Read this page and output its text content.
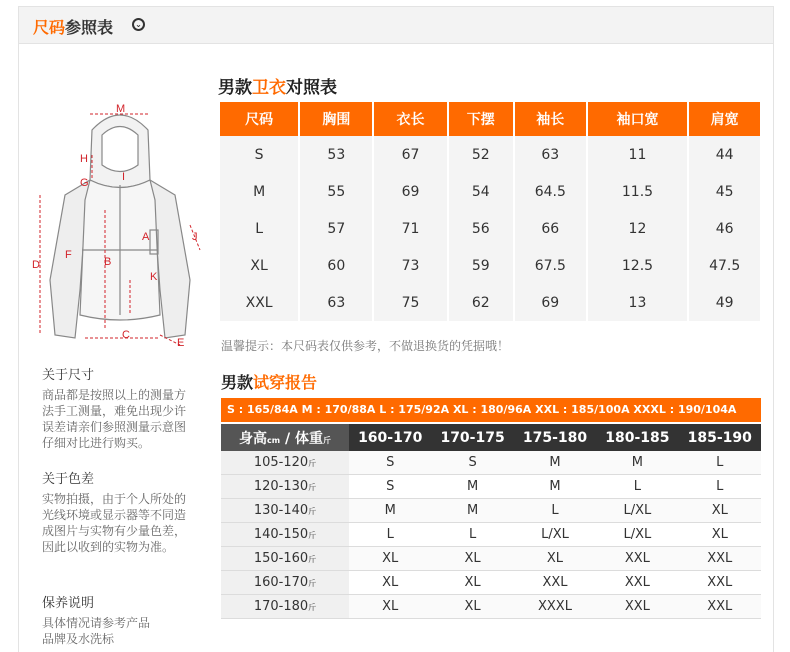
尺码参照表	⌄
M
H
G	I
A	J
D
F
B
K
C
E
关于尺寸
商品都是按照以上的测量方法手工测量，难免出现少许误差请亲们参照测量示意图仔细对比进行购买。
关于色差
实物拍摄，由于个人所处的光线环境或显示器等不同造成图片与实物有少量色差，因此以收到的实物为准。
保养说明
具体情况请参考产品品牌及水洗标
男款卫衣对照表
尺码	胸围	衣长	下摆	袖长	袖口宽	肩宽
S	53	67	52	63	11	44
M	55	69	54	64.5	11.5	45
L	57	71	56	66	12	46
XL	60	73	59	67.5	12.5	47.5
XXL	63	75	62	69	13	49
温馨提示：本尺码表仅供参考，不做退换货的凭据哦！
男款试穿报告
S : 165/84A M : 170/88A L : 175/92A XL : 180/96A XXL : 185/100A XXXL : 190/104A
身高cm / 体重斤	160-170	170-175	175-180	180-185	185-190
105-120斤	S	S	M	M	L
120-130斤	S	M	M	L	L
130-140斤	M	M	L	L/XL	XL
140-150斤	L	L	L/XL	L/XL	XL
150-160斤	XL	XL	XL	XXL	XXL
160-170斤	XL	XL	XXL	XXL	XXL
170-180斤	XL	XL	XXXL	XXL	XXL
